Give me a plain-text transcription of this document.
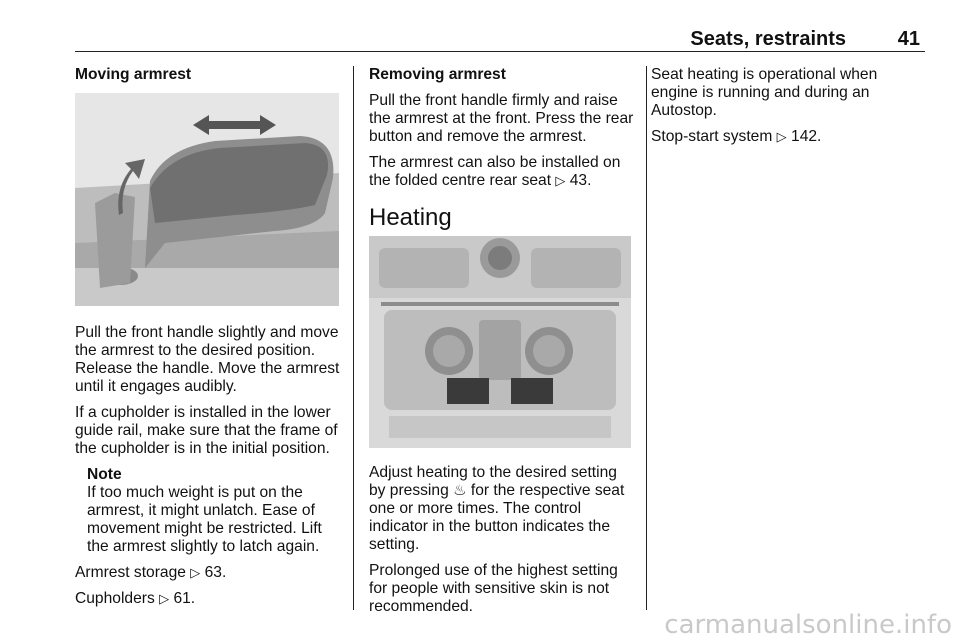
Seats, restraints	41

Moving armrest

Pull the front handle slightly and move the armrest to the desired position. Release the handle. Move the armrest until it engages audibly.

If a cupholder is installed in the lower guide rail, make sure that the frame of the cupholder is in the initial position.

Note

If too much weight is put on the armrest, it might unlatch. Ease of movement might be restricted. Lift the armrest slightly to latch again.

Armrest storage ▷ 63.

Cupholders ▷ 61.

Removing armrest

Pull the front handle firmly and raise the armrest at the front. Press the rear button and remove the armrest.

The armrest can also be installed on the folded centre rear seat ▷ 43.

Heating

Adjust heating to the desired setting by pressing ♨ for the respective seat one or more times. The control indicator in the button indicates the setting.

Prolonged use of the highest setting for people with sensitive skin is not recommended.

Seat heating is operational when engine is running and during an Autostop.

Stop-start system ▷ 142.

carmanualsonline.info
